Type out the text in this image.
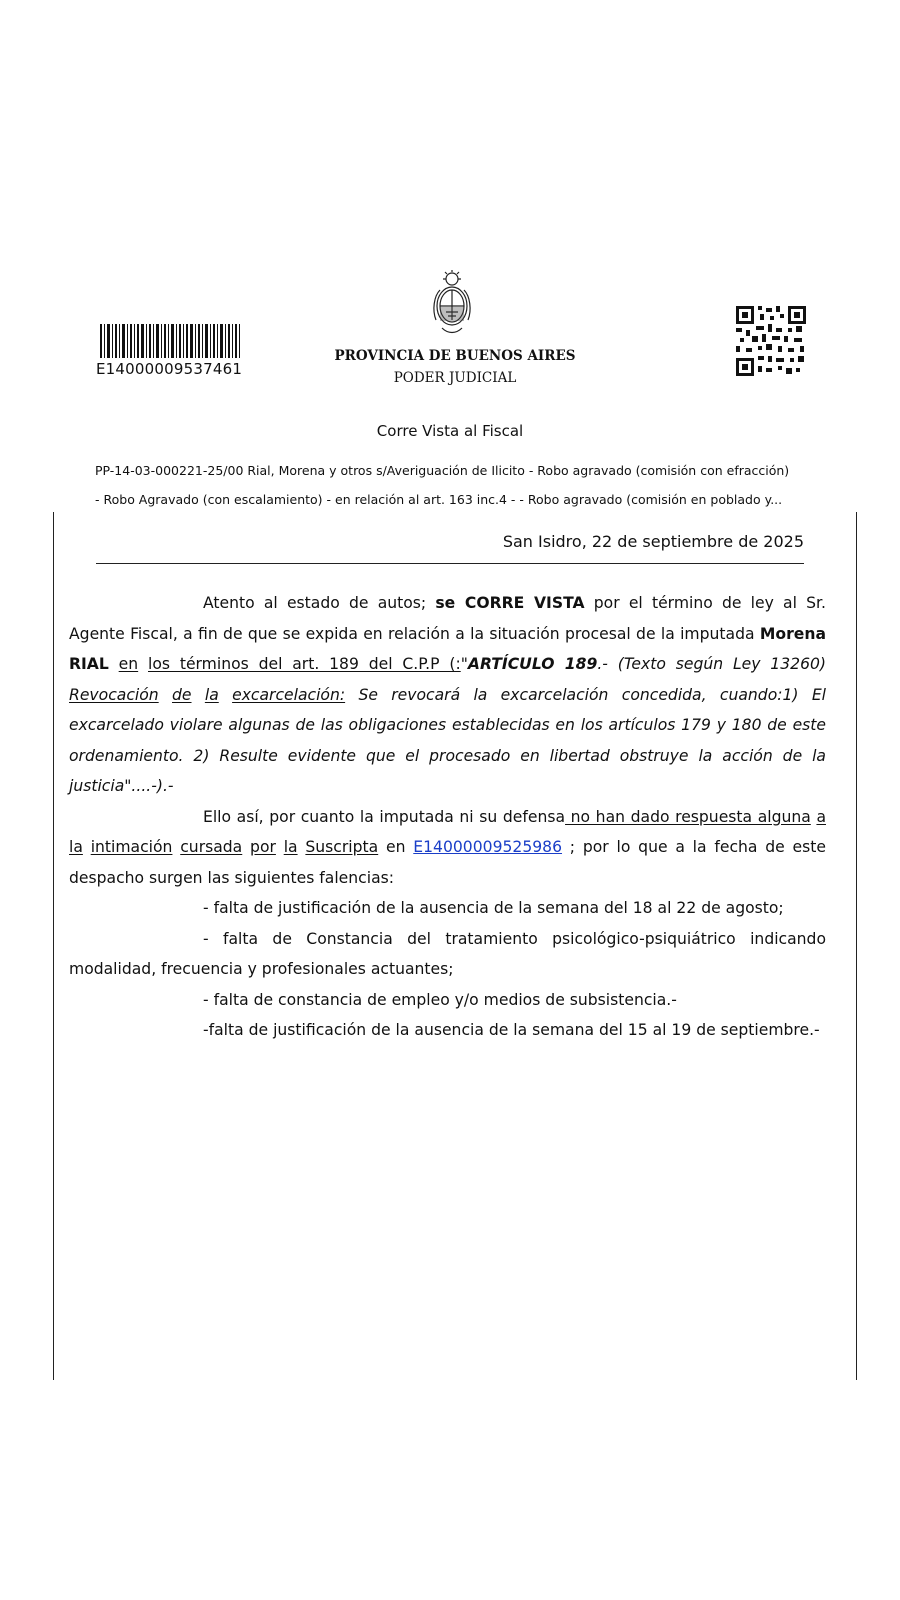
E14000009537461
PROVINCIA DE BUENOS AIRES
PODER JUDICIAL
Corre Vista al Fiscal
PP-14-03-000221-25/00 Rial, Morena y otros s/Averiguación de Ilicito - Robo agravado (comisión con efracción)
- Robo Agravado (con escalamiento) - en relación al art. 163 inc.4 - - Robo agravado (comisión en poblado y...
San Isidro, 22 de septiembre de 2025

Atento al estado de autos; se CORRE VISTA por el término de ley al Sr. Agente Fiscal, a fin de que se expida en relación a la situación procesal de la imputada Morena RIAL en los términos del art. 189 del C.P.P (:"ARTÍCULO 189.- (Texto según Ley 13260) Revocación de la excarcelación: Se revocará la excarcelación concedida, cuando:1) El excarcelado violare algunas de las obligaciones establecidas en los artículos 179 y 180 de este ordenamiento. 2) Resulte evidente que el procesado en libertad obstruye la acción de la justicia"....-).-

Ello así, por cuanto la imputada ni su defensa no han dado respuesta alguna a la intimación cursada por la Suscripta en E14000009525986 ; por lo que a la fecha de este despacho surgen las siguientes falencias:

- falta de justificación de la ausencia de la semana del 18 al 22 de agosto;

- falta de Constancia del tratamiento psicológico-psiquiátrico indicando modalidad, frecuencia y profesionales actuantes;

- falta de constancia de empleo y/o medios de subsistencia.-

-falta de justificación de la ausencia de la semana del 15 al 19 de septiembre.-
